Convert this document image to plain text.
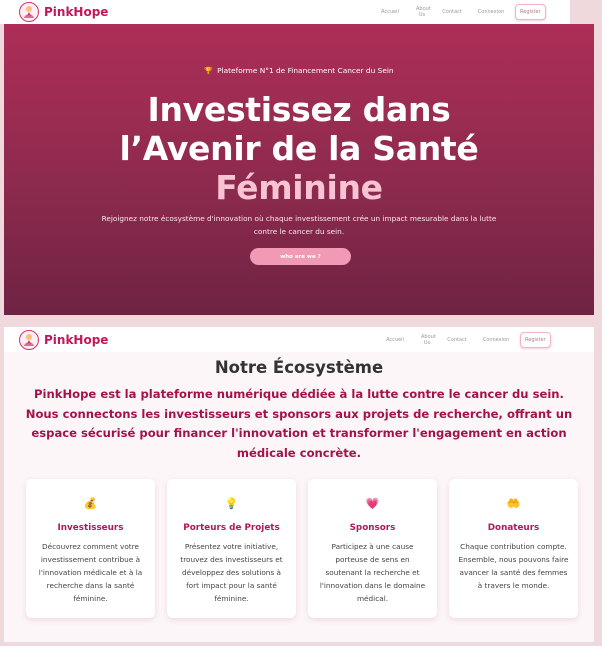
PinkHope	Accueil	About Us	Contact	Connexion	Register
🏆 Plateforme N°1 de Financement Cancer du Sein
Investissez dans
l’Avenir de la Santé
Féminine

Rejoignez notre écosystème d'innovation où chaque investissement crée un impact mesurable dans la lutte contre le cancer du sein.

who are we ?
PinkHope	Accueil	About Us	Contact	Connexion	Register
Notre Écosystème

PinkHope est la plateforme numérique dédiée à la lutte contre le cancer du sein. Nous connectons les investisseurs et sponsors aux projets de recherche, offrant un espace sécurisé pour financer l'innovation et transformer l'engagement en action médicale concrète.

💰
Investisseurs
Découvrez comment votre investissement contribue à l'innovation médicale et à la recherche dans la santé féminine.
💡
Porteurs de Projets
Présentez votre initiative, trouvez des investisseurs et développez des solutions à fort impact pour la santé féminine.
💗
Sponsors
Participez à une cause porteuse de sens en soutenant la recherche et l'innovation dans le domaine médical.
🤲
Donateurs
Chaque contribution compte. Ensemble, nous pouvons faire avancer la santé des femmes à travers le monde.
